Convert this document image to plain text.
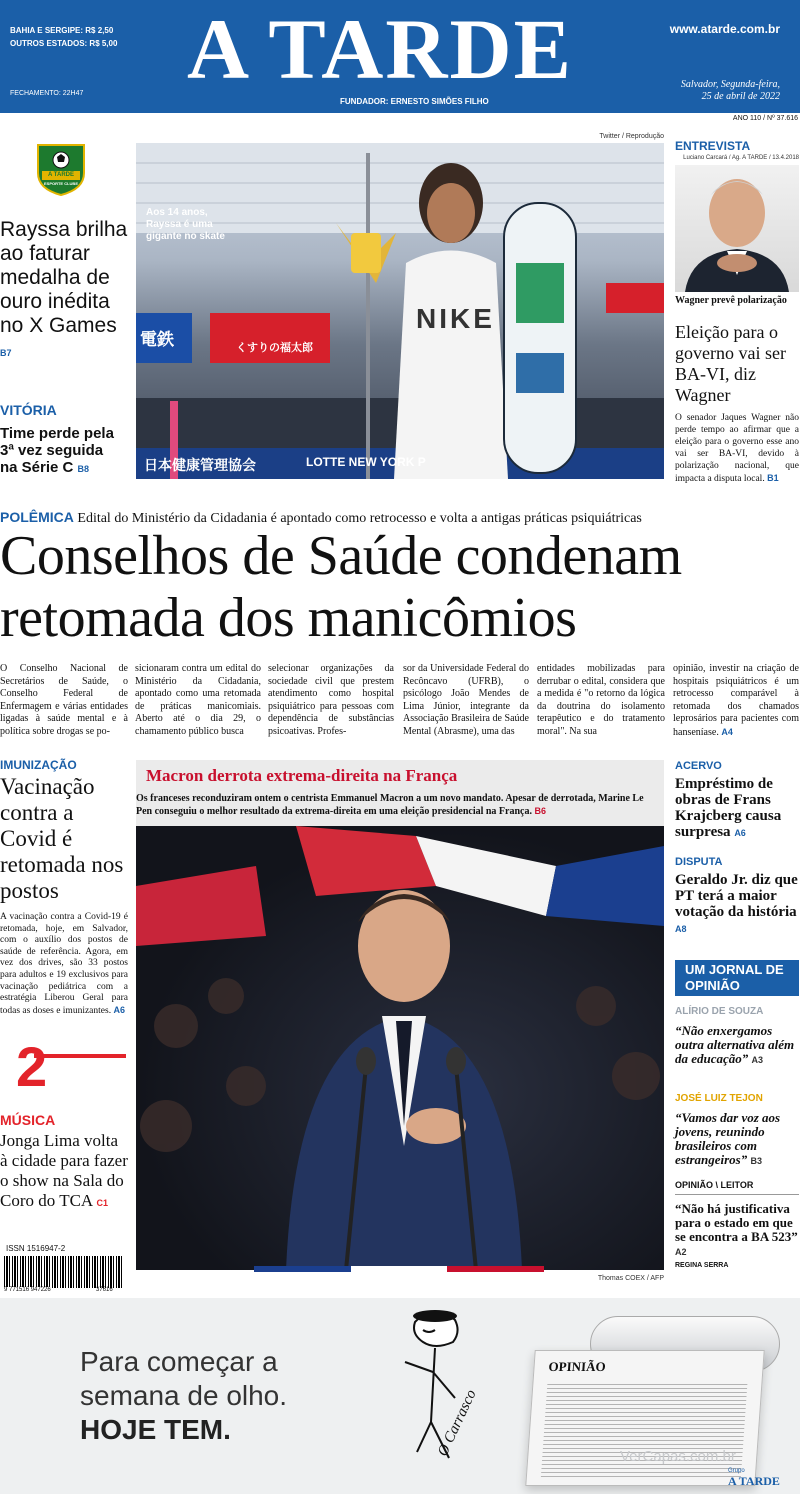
BAHIA E SERGIPE: R$ 2,50
OUTROS ESTADOS: R$ 5,00
FECHAMENTO: 22H47	A TARDE
FUNDADOR: ERNESTO SIMÕES FILHO
www.atarde.com.br
Salvador, Segunda-feira,
25 de abril de 2022
ANO 110 / Nº 37.616
A TARDE
ESPORTE CLUBE
Rayssa brilha ao faturar medalha de ouro inédita no X Games B7
VITÓRIA
Time perde pela 3ª vez seguida na Série C B8
Twitter / Reprodução
電鉄	くすりの福太郎
日本健康管理協会	LOTTE NEW YORK P
NIKE
Aos 14 anos, Rayssa é uma gigante no skate
ENTREVISTA
Luciano Carcará / Ag. A TARDE / 13.4.2018
Wagner prevê polarização
Eleição para o governo vai ser BA-VI, diz Wagner
O senador Jaques Wagner não perde tempo ao afirmar que a eleição para o governo esse ano vai ser BA-VI, devido à polarização nacional, que impacta a disputa local. B1
POLÊMICA Edital do Ministério da Cidadania é apontado como retrocesso e volta a antigas práticas psiquiátricas
Conselhos de Saúde condenam
retomada dos manicômios
O Conselho Nacional de Secretários de Saúde, o Conselho Federal de Enfermagem e várias entidades ligadas à saúde mental e à política sobre drogas se po-
sicionaram contra um edital do Ministério da Cidadania, apontado como uma retomada de práticas manicomiais. Aberto até o dia 29, o chamamento público busca
selecionar organizações da sociedade civil que prestem atendimento como hospital psiquiátrico para pessoas com dependência de substâncias psicoativas. Profes-
sor da Universidade Federal do Recôncavo (UFRB), o psicólogo João Mendes de Lima Júnior, integrante da Associação Brasileira de Saúde Mental (Abrasme), uma das
entidades mobilizadas para derrubar o edital, considera que a medida é "o retorno da lógica da doutrina do isolamento terapêutico e do tratamento moral". Na sua
opinião, investir na criação de hospitais psiquiátricos é um retrocesso comparável à retomada dos chamados leprosários para pacientes com hanseníase. A4
IMUNIZAÇÃO
Vacinação contra a Covid é retomada nos postos
A vacinação contra a Covid-19 é retomada, hoje, em Salvador, com o auxílio dos postos de saúde de referência. Agora, em vez dos drives, são 33 postos para adultos e 19 exclusivos para vacinação pediátrica com a estratégia Liberou Geral para todas as doses e imunizantes. A6
2
MÚSICA
Jonga Lima volta à cidade para fazer o show na Sala do Coro do TCA C1
ISSN 1516947-2
9 771516 947226	37616
Macron derrota extrema-direita na França
Os franceses reconduziram ontem o centrista Emmanuel Macron a um novo mandato. Apesar de derrotada, Marine Le Pen conseguiu o melhor resultado da extrema-direita em uma eleição presidencial na França. B6
Thomas COEX / AFP
ACERVO
Empréstimo de obras de Frans Krajcberg causa surpresa A6
DISPUTA
Geraldo Jr. diz que PT terá a maior votação da história A8
UM JORNAL DE OPINIÃO
ALÍRIO DE SOUZA
“Não enxergamos outra alternativa além da educação” A3
JOSÉ LUIZ TEJON
“Vamos dar voz aos jovens, reunindo brasileiros com estrangeiros” B3
OPINIÃO \ LEITOR
“Não há justificativa para o estado em que se encontra a BA 523” A2
REGINA SERRA
Para começar a
semana de olho.
HOJE TEM.	O Carrasco
OPINIÃO
VerCapas.com.br
Grupo
A TARDE
